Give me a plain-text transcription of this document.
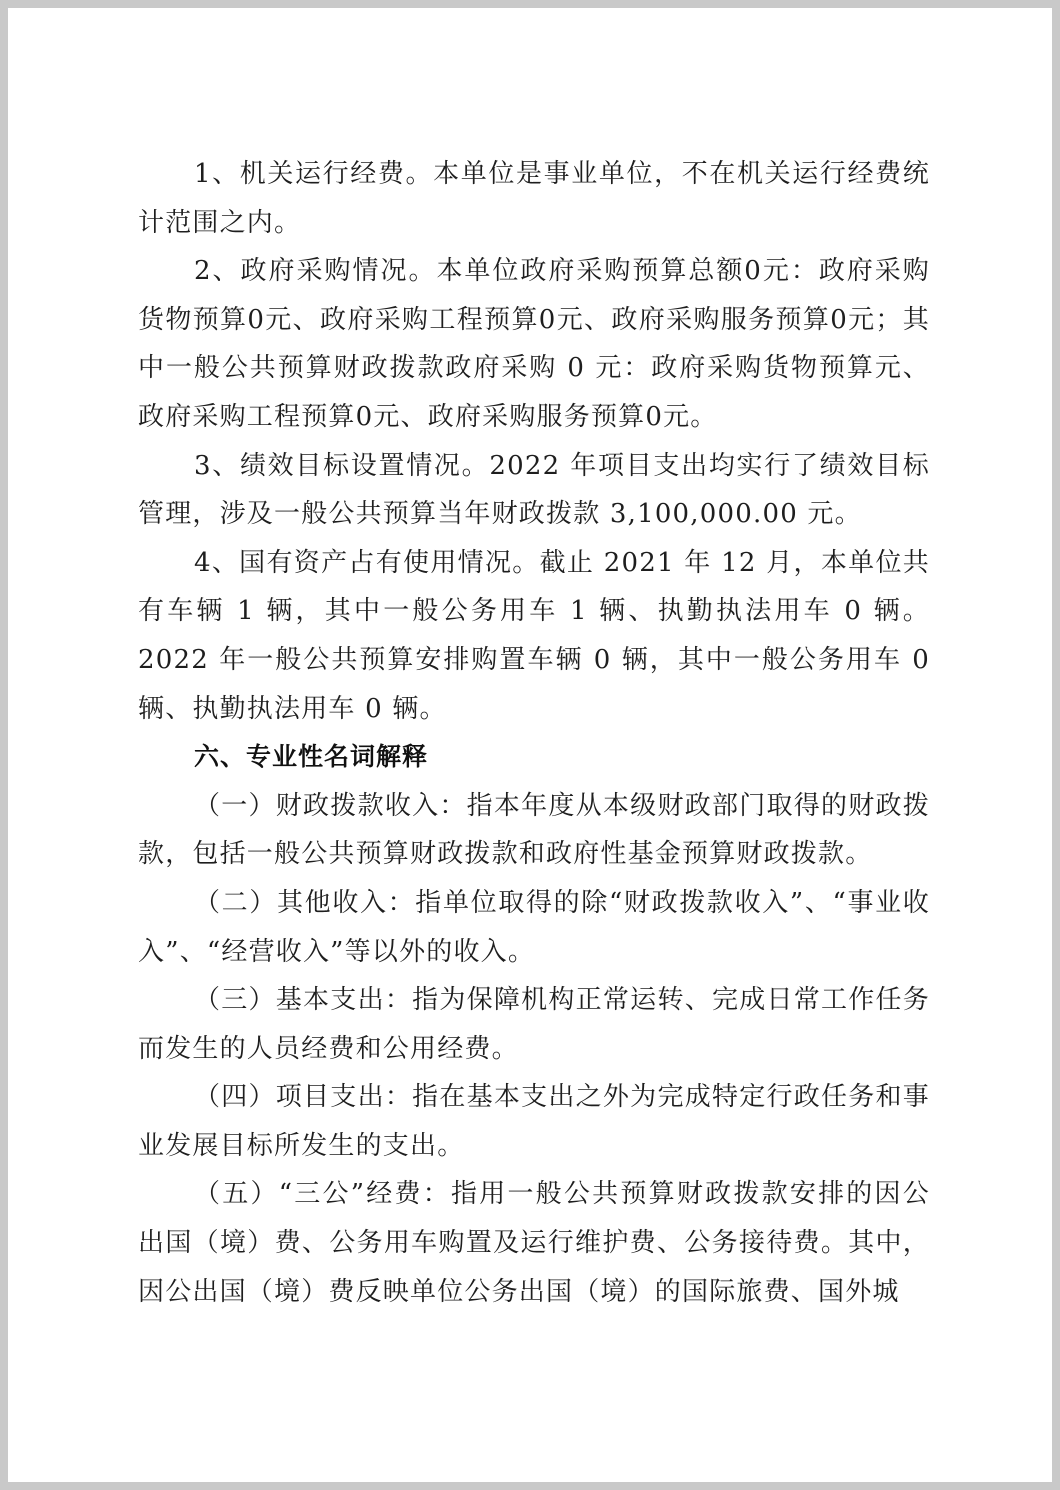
1、机关运行经费。本单位是事业单位，不在机关运行经费统计范围之内。

2、政府采购情况。本单位政府采购预算总额0元：政府采购货物预算0元、政府采购工程预算0元、政府采购服务预算0元；其中一般公共预算财政拨款政府采购 0 元：政府采购货物预算元、政府采购工程预算0元、政府采购服务预算0元。

3、绩效目标设置情况。2022 年项目支出均实行了绩效目标管理，涉及一般公共预算当年财政拨款 3,100,000.00 元。

4、国有资产占有使用情况。截止 2021 年 12 月，本单位共有车辆 1 辆，其中一般公务用车 1 辆、执勤执法用车 0 辆。2022 年一般公共预算安排购置车辆 0 辆，其中一般公务用车 0 辆、执勤执法用车 0 辆。

六、专业性名词解释

（一）财政拨款收入：指本年度从本级财政部门取得的财政拨款，包括一般公共预算财政拨款和政府性基金预算财政拨款。

（二）其他收入：指单位取得的除“财政拨款收入”、“事业收入”、“经营收入”等以外的收入。

（三）基本支出：指为保障机构正常运转、完成日常工作任务而发生的人员经费和公用经费。

（四）项目支出：指在基本支出之外为完成特定行政任务和事业发展目标所发生的支出。

（五）“三公”经费：指用一般公共预算财政拨款安排的因公出国（境）费、公务用车购置及运行维护费、公务接待费。其中，因公出国（境）费反映单位公务出国（境）的国际旅费、国外城
